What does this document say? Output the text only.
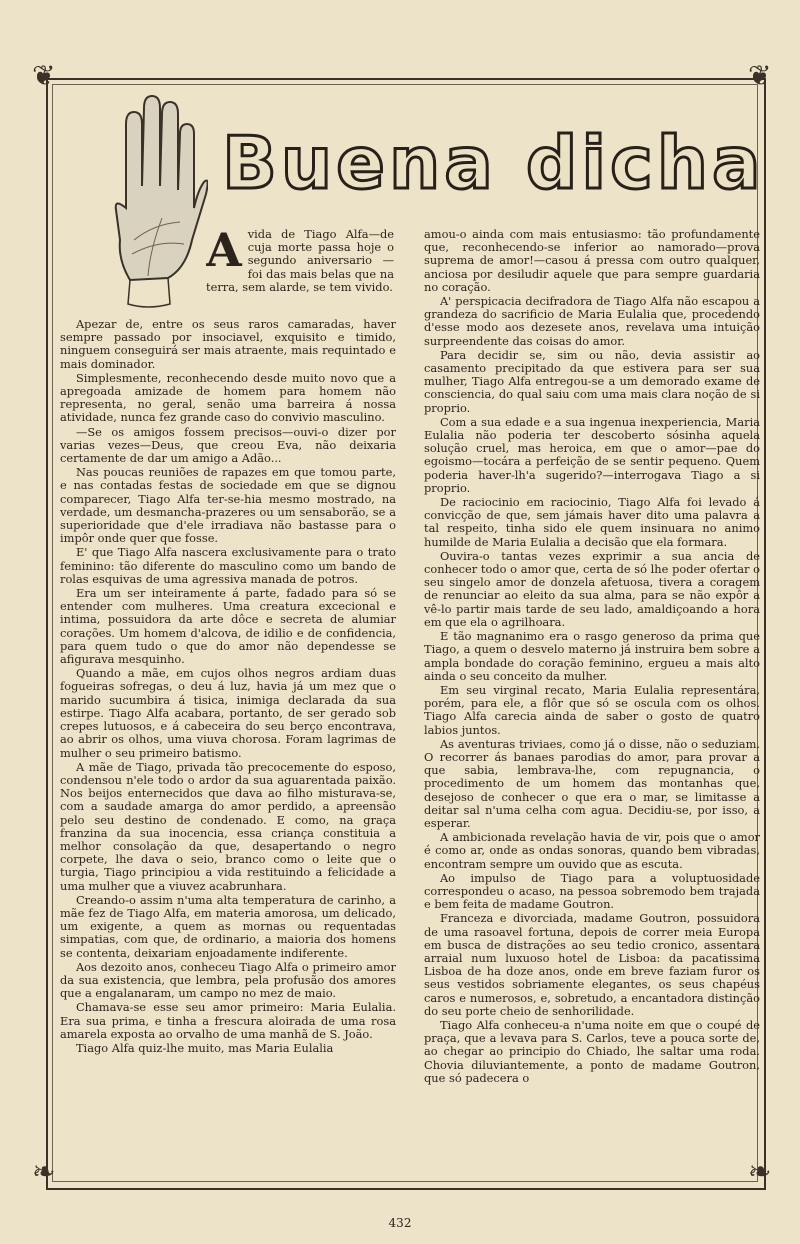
❦	❦
❧	❧
Buena dicha
A vida de Tiago Alfa—de cuja morte passa hoje o segundo aniversario —foi das mais belas que na terra, sem alarde, se tem vivido.

Apezar de, entre os seus raros camaradas, haver sempre passado por insociavel, exquisito e timido, ninguem conseguirá ser mais atraente, mais requintado e mais dominador.

Simplesmente, reconhecendo desde muito novo que a apregoada amizade de homem para homem não representa, no geral, senão uma barreira á nossa atividade, nunca fez grande caso do convivio masculino.

—Se os amigos fossem precisos—ouvi-o dizer por varias vezes—Deus, que creou Eva, não deixaria certamente de dar um amigo a Adão...

Nas poucas reuniões de rapazes em que tomou parte, e nas contadas festas de sociedade em que se dignou comparecer, Tiago Alfa ter-se-hia mesmo mostrado, na verdade, um desmancha-prazeres ou um sensaborão, se a superioridade que d'ele irradiava não bastasse para o impôr onde quer que fosse.

E' que Tiago Alfa nascera exclusivamente para o trato feminino: tão diferente do masculino como um bando de rolas esquivas de uma agressiva manada de potros.

Era um ser inteiramente á parte, fadado para só se entender com mulheres. Uma creatura excecional e intima, possuidora da arte dôce e secreta de alumiar corações. Um homem d'alcova, de idilio e de confidencia, para quem tudo o que do amor não dependesse se afigurava mesquinho.

Quando a mãe, em cujos olhos negros ardiam duas fogueiras sofregas, o deu á luz, havia já um mez que o marido sucumbira á tisica, inimiga declarada da sua estirpe. Tiago Alfa acabara, portanto, de ser gerado sob crepes lutuosos, e á cabeceira do seu berço encontrava, ao abrir os olhos, uma viuva chorosa. Foram lagrimas de mulher o seu primeiro batismo.

A mãe de Tiago, privada tão precocemente do esposo, condensou n'ele todo o ardor da sua aguarentada paixão. Nos beijos enternecidos que dava ao filho misturava-se, com a saudade amarga do amor perdido, a apreensão pelo seu destino de condenado. E como, na graça franzina da sua inocencia, essa criança constituia a melhor consolação da que, desapertando o negro corpete, lhe dava o seio, branco como o leite que o turgia, Tiago principiou a vida restituindo a felicidade a uma mulher que a viuvez acabrunhara.

Creando-o assim n'uma alta temperatura de carinho, a mãe fez de Tiago Alfa, em materia amorosa, um delicado, um exigente, a quem as mornas ou requentadas simpatias, com que, de ordinario, a maioria dos homens se contenta, deixariam enjoadamente indiferente.

Aos dezoito anos, conheceu Tiago Alfa o primeiro amor da sua existencia, que lembra, pela profusão dos amores que a engalanaram, um campo no mez de maio.

Chamava-se esse seu amor primeiro: Maria Eulalia. Era sua prima, e tinha a frescura aloirada de uma rosa amarela exposta ao orvalho de uma manhã de S. João.

Tiago Alfa quiz-lhe muito, mas Maria Eulalia

amou-o ainda com mais entusiasmo: tão profundamente que, reconhecendo-se inferior ao namorado—prova suprema de amor!—casou á pressa com outro qualquer, anciosa por desiludir aquele que para sempre guardaria no coração.

A' perspicacia decifradora de Tiago Alfa não escapou a grandeza do sacrificio de Maria Eulalia que, procedendo d'esse modo aos dezesete anos, revelava uma intuição surpreendente das coisas do amor.

Para decidir se, sim ou não, devia assistir ao casamento precipitado da que estivera para ser sua mulher, Tiago Alfa entregou-se a um demorado exame de consciencia, do qual saiu com uma mais clara noção de si proprio.

Com a sua edade e a sua ingenua inexperiencia, Maria Eulalia não poderia ter descoberto sósinha aquela solução cruel, mas heroica, em que o amor—pae do egoismo—tocára a perfeição de se sentir pequeno. Quem poderia haver-lh'a sugerido?—interrogava Tiago a si proprio.

De raciocinio em raciocinio, Tiago Alfa foi levado á convicção de que, sem jámais haver dito uma palavra a tal respeito, tinha sido ele quem insinuara no animo humilde de Maria Eulalia a decisão que ela formara.

Ouvira-o tantas vezes exprimir a sua ancia de conhecer todo o amor que, certa de só lhe poder ofertar o seu singelo amor de donzela afetuosa, tivera a coragem de renunciar ao eleito da sua alma, para se não expôr a vê-lo partir mais tarde de seu lado, amaldiçoando a hora em que ela o agrilhoara.

E tão magnanimo era o rasgo generoso da prima que Tiago, a quem o desvelo materno já instruira bem sobre a ampla bondade do coração feminino, ergueu a mais alto ainda o seu conceito da mulher.

Em seu virginal recato, Maria Eulalia representára, porém, para ele, a flôr que só se oscula com os olhos. Tiago Alfa carecia ainda de saber o gosto de quatro labios juntos.

As aventuras triviaes, como já o disse, não o seduziam. O recorrer ás banaes parodias do amor, para provar a que sabia, lembrava-lhe, com repugnancia, o procedimento de um homem das montanhas que, desejoso de conhecer o que era o mar, se limitasse a deitar sal n'uma celha com agua. Decidiu-se, por isso, a esperar.

A ambicionada revelação havia de vir, pois que o amor é como ar, onde as ondas sonoras, quando bem vibradas, encontram sempre um ouvido que as escuta.

Ao impulso de Tiago para a voluptuosidade correspondeu o acaso, na pessoa sobremodo bem trajada e bem feita de madame Goutron.

Franceza e divorciada, madame Goutron, possuidora de uma rasoavel fortuna, depois de correr meia Europa em busca de distrações ao seu tedio cronico, assentara arraial num luxuoso hotel de Lisboa: da pacatissima Lisboa de ha doze anos, onde em breve faziam furor os seus vestidos sobriamente elegantes, os seus chapéus caros e numerosos, e, sobretudo, a encantadora distinção do seu porte cheio de senhorilidade.

Tiago Alfa conheceu-a n'uma noite em que o coupé de praça, que a levava para S. Carlos, teve a pouca sorte de, ao chegar ao principio do Chiado, lhe saltar uma roda. Chovia diluviantemente, a ponto de madame Goutron, que só padecera o

432
